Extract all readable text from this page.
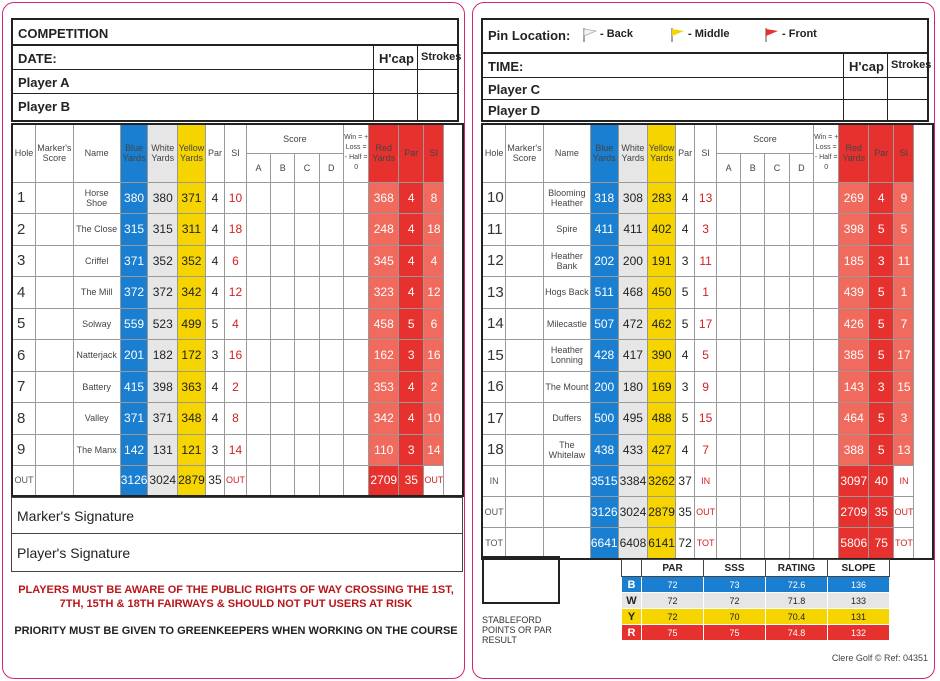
COMPETITION
DATE:	H'cap Strokes
Player A
Player B
Hole	Marker's Score	Name	Blue Yards	White Yards	Yellow Yards	Par	SI	Score				Win = + Loss = - Half = 0	Red Yards	Par	SI
								A	B	C	D				
1		Horse Shoe	380	380	371	4	10						368	4	8
2		The Close	315	315	311	4	18						248	4	18
3		Criffel	371	352	352	4	6						345	4	4
4		The Mill	372	372	342	4	12						323	4	12
5		Solway	559	523	499	5	4						458	5	6
6		Natterjack	201	182	172	3	16						162	3	16
7		Battery	415	398	363	4	2						353	4	2
8		Valley	371	371	348	4	8						342	4	10
9		The Manx	142	131	121	3	14						110	3	14
OUT			3126	3024	2879	35	OUT						2709	35	OUT
Marker's Signature
Player's Signature
PLAYERS MUST BE AWARE OF THE PUBLIC RIGHTS OF WAY CROSSING THE 1ST, 7TH, 15TH & 18TH FAIRWAYS & SHOULD NOT PUT USERS AT RISK
PRIORITY MUST BE GIVEN TO GREENKEEPERS WHEN WORKING ON THE COURSE
Pin Location:	- Back	- Middle	- Front
TIME:	H'cap Strokes
Player C
Player D
Hole	Marker's Score	Name	Blue Yards	White Yards	Yellow Yards	Par	SI	Score				Win = + Loss = - Half = 0	Red Yards	Par	SI
								A	B	C	D				
10		Blooming Heather	318	308	283	4	13						269	4	9
11		Spire	411	411	402	4	3						398	5	5
12		Heather Bank	202	200	191	3	11						185	3	11
13		Hogs Back	511	468	450	5	1						439	5	1
14		Milecastle	507	472	462	5	17						426	5	7
15		Heather Lonning	428	417	390	4	5						385	5	17
16		The Mount	200	180	169	3	9						143	3	15
17		Duffers	500	495	488	5	15						464	5	3
18		The Whitelaw	438	433	427	4	7						388	5	13
IN			3515	3384	3262	37	IN						3097	40	IN
OUT			3126	3024	2879	35	OUT						2709	35	OUT
TOT			6641	6408	6141	72	TOT						5806	75	TOT
STABLEFORD POINTS OR PAR RESULT
	PAR	SSS	RATING	SLOPE
B	72	73	72.6	136
W	72	72	71.8	133
Y	72	70	70.4	131
R	75	75	74.8	132
Clere Golf © Ref: 04351
